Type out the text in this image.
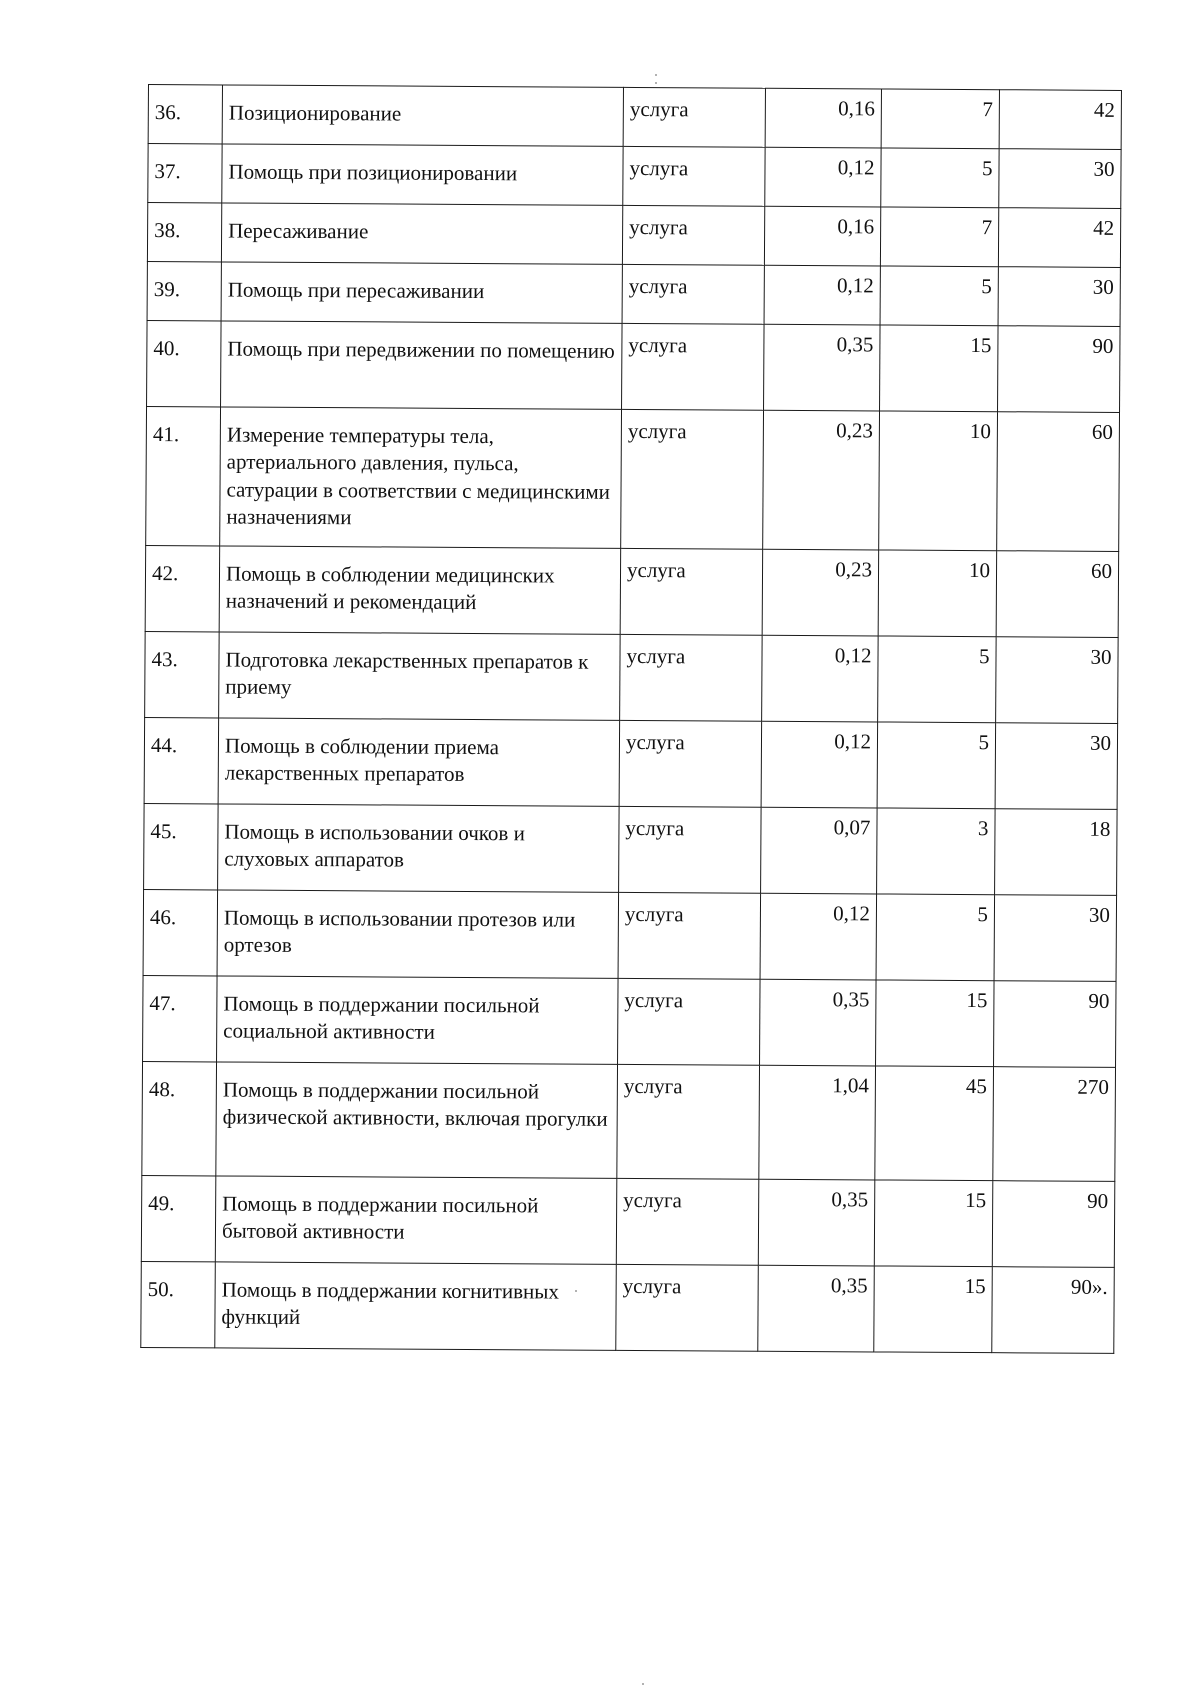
36.	Позиционирование	услуга	0,16	7	42
37.	Помощь при позиционировании	услуга	0,12	5	30
38.	Пересаживание	услуга	0,16	7	42
39.	Помощь при пересаживании	услуга	0,12	5	30
40.	Помощь при передвижении по помещению	услуга	0,35	15	90
41.	Измерение температуры тела, артериального давления, пульса, сатурации в соответствии с медицинскими назначениями	услуга	0,23	10	60
42.	Помощь в соблюдении медицинских назначений и рекомендаций	услуга	0,23	10	60
43.	Подготовка лекарственных препаратов к приему	услуга	0,12	5	30
44.	Помощь в соблюдении приема лекарственных препаратов	услуга	0,12	5	30
45.	Помощь в использовании очков и слуховых аппаратов	услуга	0,07	3	18
46.	Помощь в использовании протезов или ортезов	услуга	0,12	5	30
47.	Помощь в поддержании посильной социальной активности	услуга	0,35	15	90
48.	Помощь в поддержании посильной физической активности, включая прогулки	услуга	1,04	45	270
49.	Помощь в поддержании посильной бытовой активности	услуга	0,35	15	90
50.	Помощь в поддержании когнитивных функций	услуга	0,35	15	90».
